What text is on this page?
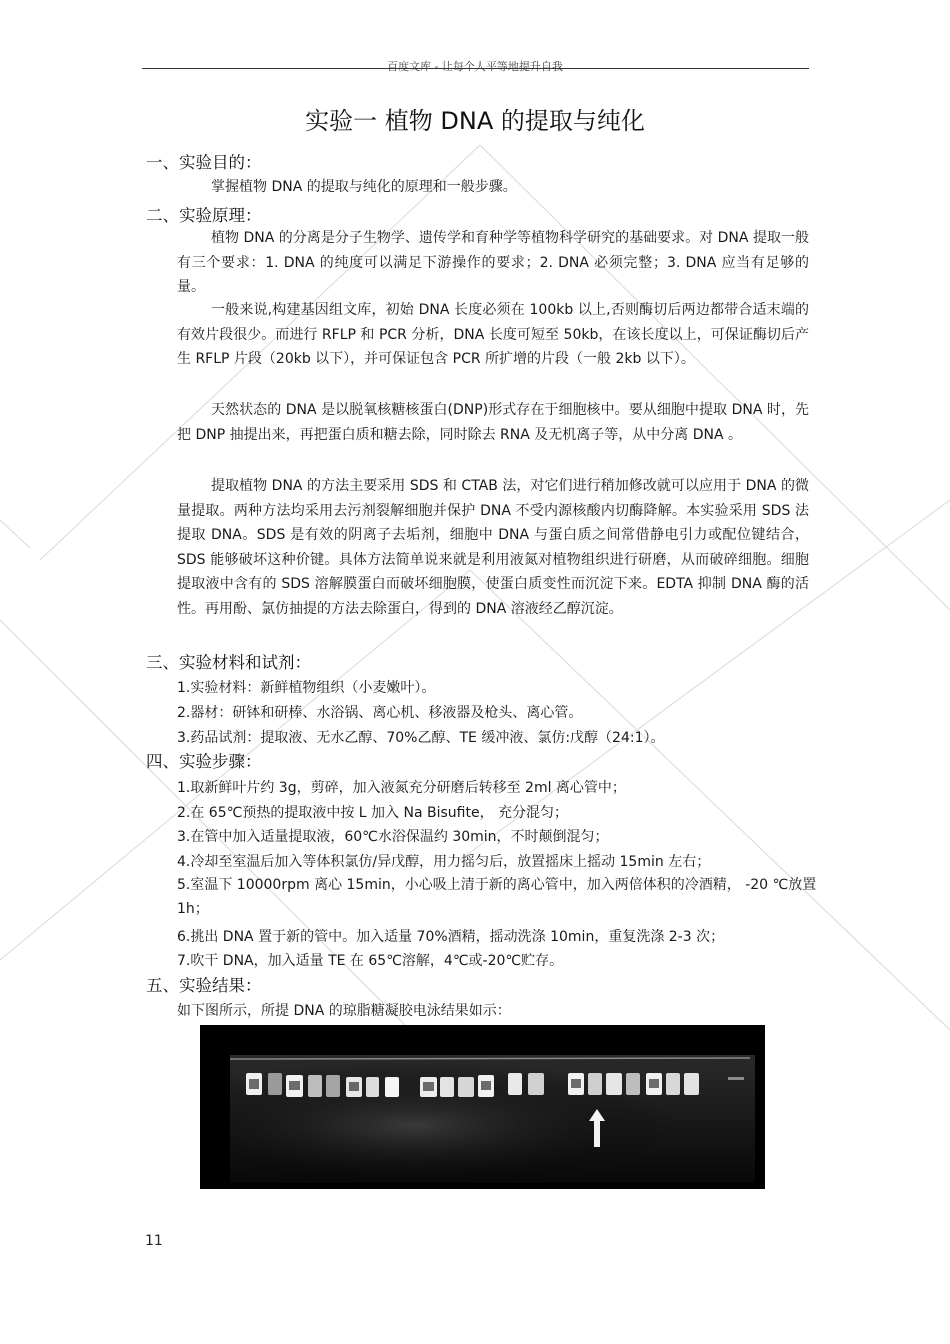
百度文库 - 让每个人平等地提升自我
实验一 植物 DNA 的提取与纯化
一、实验目的：
掌握植物 DNA 的提取与纯化的原理和一般步骤。
二、实验原理：
植物 DNA 的分离是分子生物学、遗传学和育种学等植物科学研究的基础要求。对 DNA 提取一般有三个要求：1. DNA 的纯度可以满足下游操作的要求；2. DNA 必须完整；3. DNA 应当有足够的量。
一般来说,构建基因组文库，初始 DNA 长度必须在 100kb 以上,否则酶切后两边都带合适末端的有效片段很少。而进行 RFLP 和 PCR 分析，DNA 长度可短至 50kb，在该长度以上，可保证酶切后产生 RFLP 片段（20kb 以下），并可保证包含 PCR 所扩增的片段（一般 2kb 以下）。
天然状态的 DNA 是以脱氧核糖核蛋白(DNP)形式存在于细胞核中。要从细胞中提取 DNA 时，先把 DNP 抽提出来，再把蛋白质和糖去除，同时除去 RNA 及无机离子等，从中分离 DNA 。
提取植物 DNA 的方法主要采用 SDS 和 CTAB 法，对它们进行稍加修改就可以应用于 DNA 的微量提取。两种方法均采用去污剂裂解细胞并保护 DNA 不受内源核酸内切酶降解。本实验采用 SDS 法提取 DNA。SDS 是有效的阴离子去垢剂，细胞中 DNA 与蛋白质之间常借静电引力或配位键结合，SDS 能够破坏这种价键。具体方法简单说来就是利用液氮对植物组织进行研磨，从而破碎细胞。细胞提取液中含有的 SDS 溶解膜蛋白而破坏细胞膜，使蛋白质变性而沉淀下来。EDTA 抑制 DNA 酶的活性。再用酚、氯仿抽提的方法去除蛋白，得到的 DNA 溶液经乙醇沉淀。
三、实验材料和试剂：
1.实验材料：新鲜植物组织（小麦嫩叶）。
2.器材：研钵和研棒、水浴锅、离心机、移液器及枪头、离心管。
3.药品试剂：提取液、无水乙醇、70%乙醇、TE 缓冲液、氯仿:戊醇（24:1）。
四、实验步骤：
1.取新鲜叶片约 3g，剪碎，加入液氮充分研磨后转移至 2ml 离心管中；
2.在 65℃预热的提取液中按 L 加入 Na Bisufite， 充分混匀；
3.在管中加入适量提取液，60℃水浴保温约 30min，不时颠倒混匀；
4.冷却至室温后加入等体积氯仿/异戊醇，用力摇匀后，放置摇床上摇动 15min 左右；
5.室温下 10000rpm 离心 15min，小心吸上清于新的离心管中，加入两倍体积的冷酒精， -20 ℃放置 1h；
6.挑出 DNA 置于新的管中。加入适量 70%酒精，摇动洗涤 10min，重复洗涤 2-3 次；
7.吹干 DNA，加入适量 TE 在 65℃溶解，4℃或-20℃贮存。
五、实验结果：
如下图所示，所提 DNA 的琼脂糖凝胶电泳结果如示：
11
